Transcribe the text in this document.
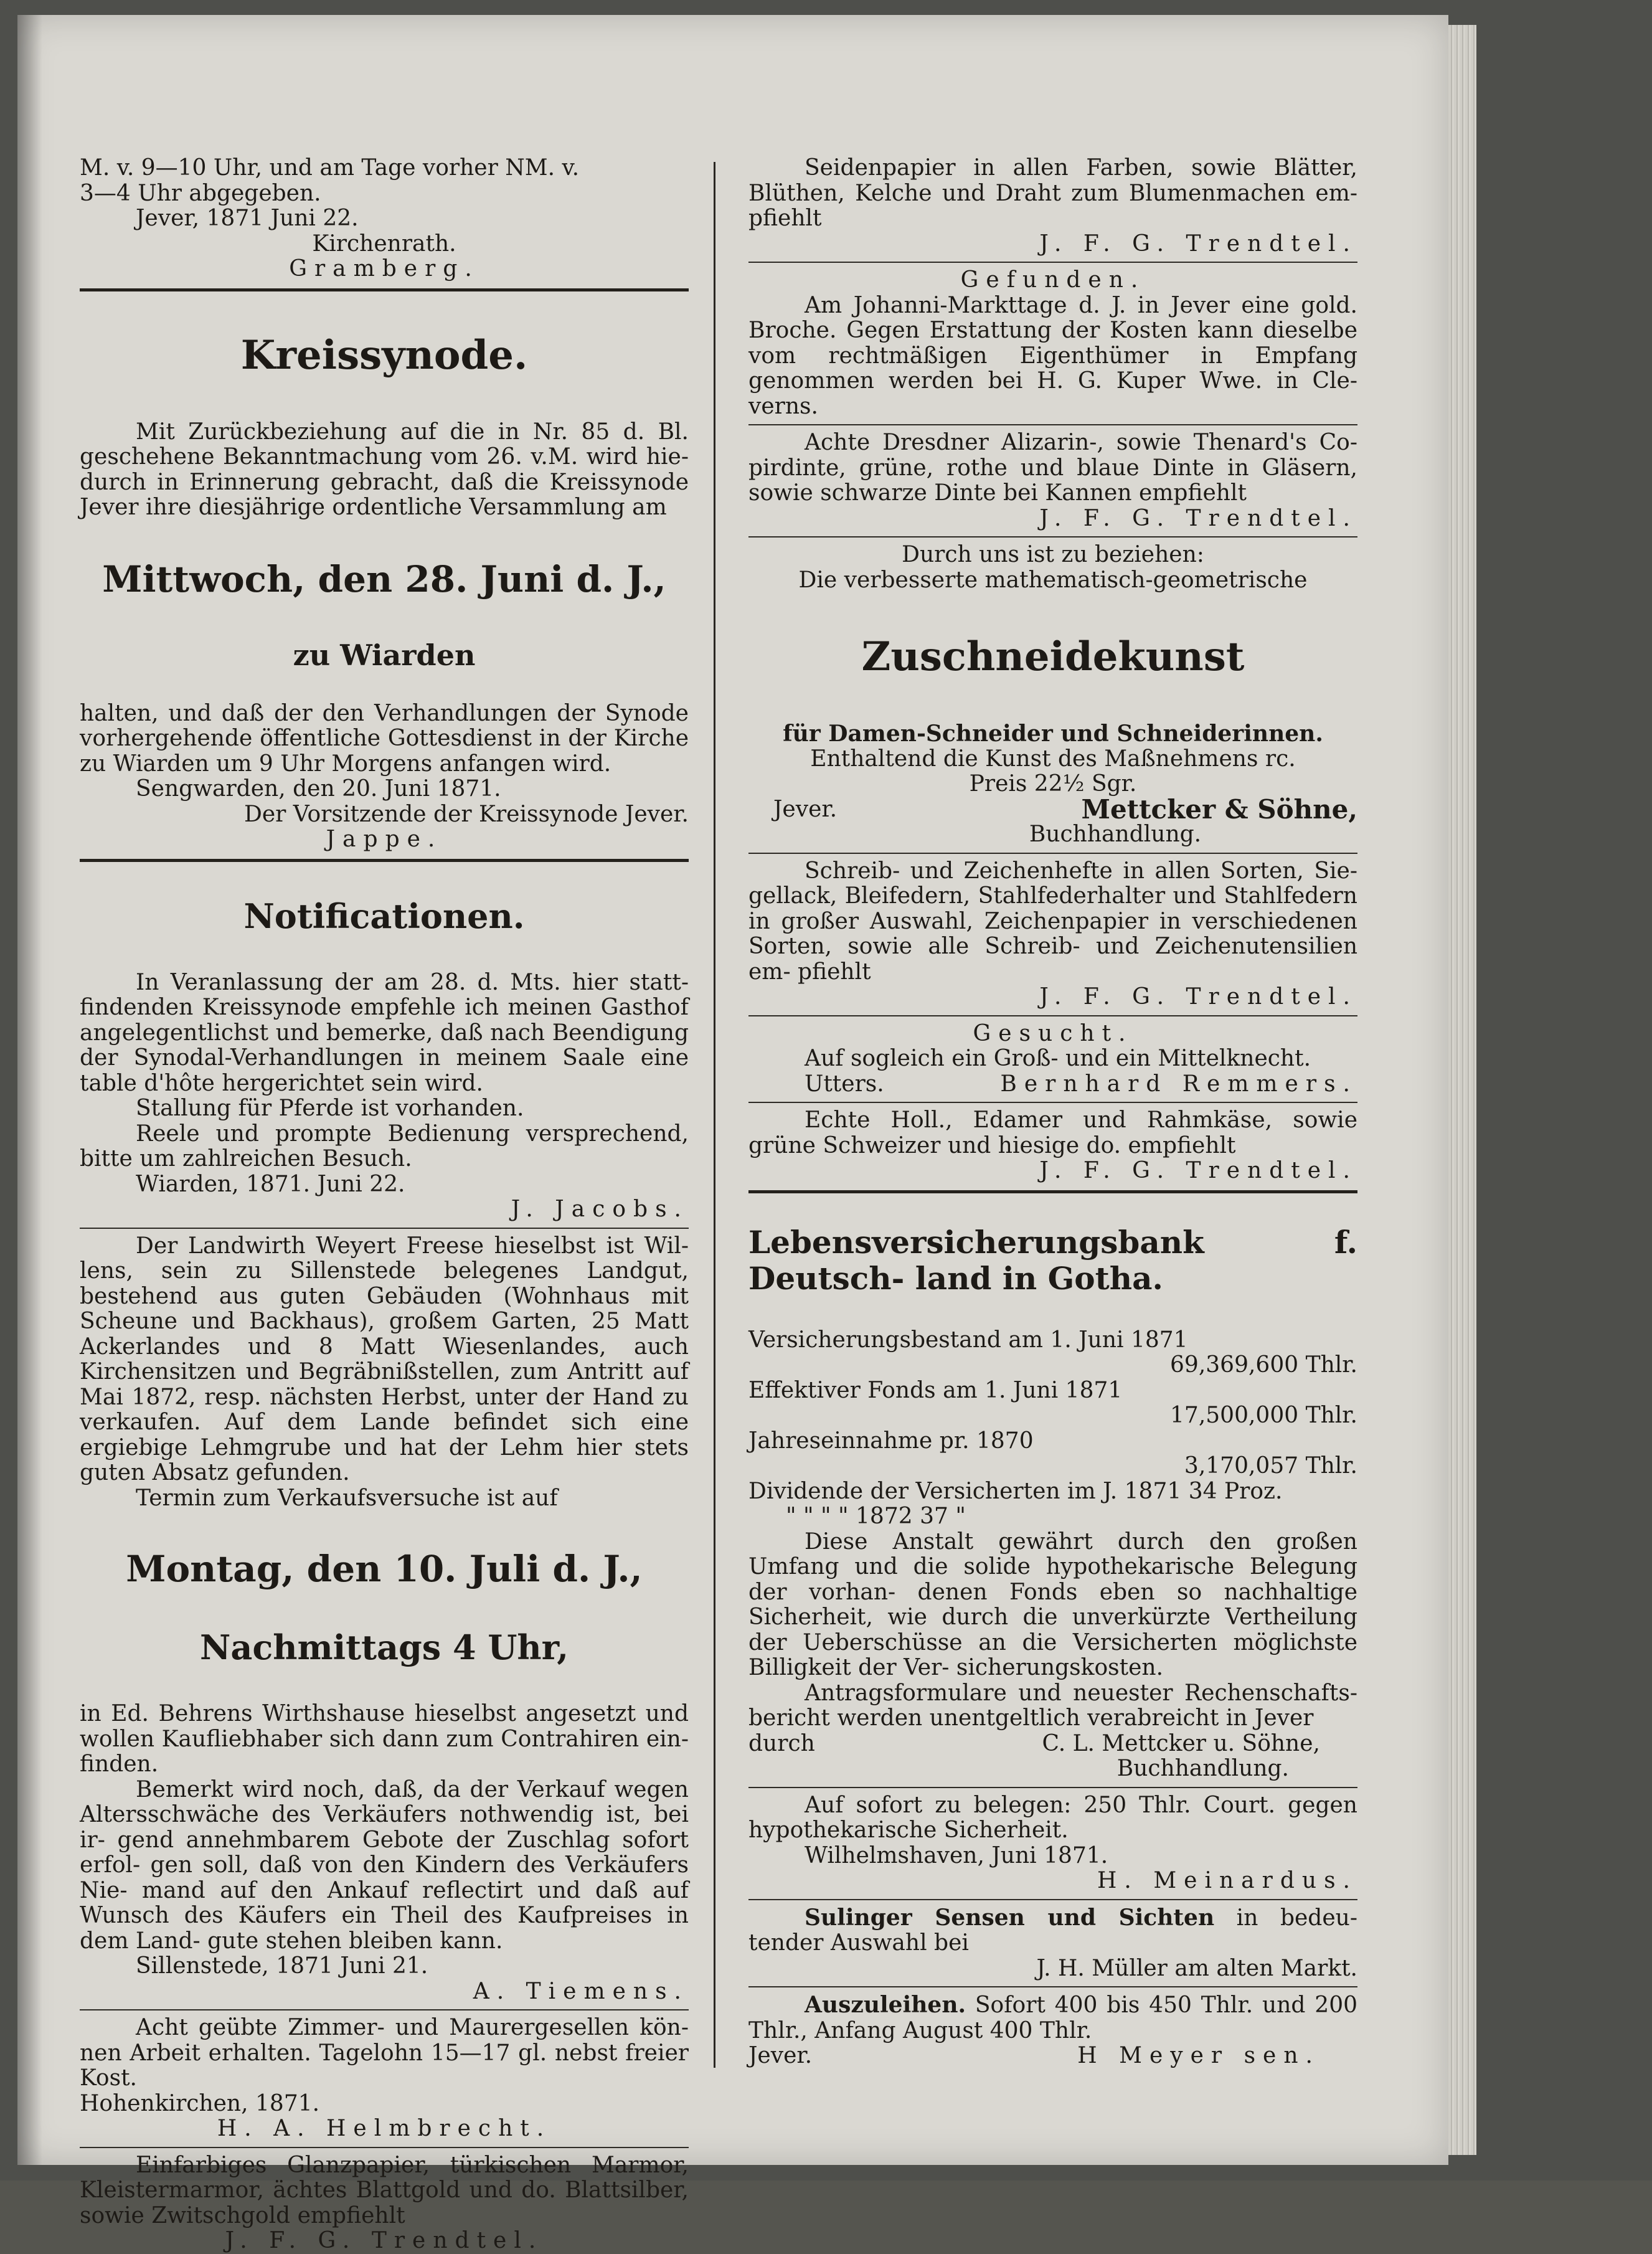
M. v. 9—10 Uhr, und am Tage vorher NM. v.

3—4 Uhr abgegeben.

Jever, 1871 Juni 22.

Kirchenrath.

Gramberg.

Kreissynode.

Mit Zurückbeziehung auf die in Nr. 85 d. Bl. geschehene Bekanntmachung vom 26. v.M. wird hie- durch in Erinnerung gebracht, daß die Kreissynode Jever ihre diesjährige ordentliche Versammlung am

Mittwoch, den 28. Juni d. J.,

zu Wiarden

halten, und daß der den Verhandlungen der Synode vorhergehende öffentliche Gottesdienst in der Kirche zu Wiarden um 9 Uhr Morgens anfangen wird.

Sengwarden, den 20. Juni 1871.

Der Vorsitzende der Kreissynode Jever.

Jappe.

Notificationen.

In Veranlassung der am 28. d. Mts. hier statt- findenden Kreissynode empfehle ich meinen Gasthof angelegentlichst und bemerke, daß nach Beendigung der Synodal-Verhandlungen in meinem Saale eine table d'hôte hergerichtet sein wird.

Stallung für Pferde ist vorhanden.

Reele und prompte Bedienung versprechend, bitte um zahlreichen Besuch.

Wiarden, 1871. Juni 22.

J. Jacobs.

Der Landwirth Weyert Freese hieselbst ist Wil- lens, sein zu Sillenstede belegenes Landgut, bestehend aus guten Gebäuden (Wohnhaus mit Scheune und Backhaus), großem Garten, 25 Matt Ackerlandes und 8 Matt Wiesenlandes, auch Kirchensitzen und Begräbnißstellen, zum Antritt auf Mai 1872, resp. nächsten Herbst, unter der Hand zu verkaufen. Auf dem Lande befindet sich eine ergiebige Lehmgrube und hat der Lehm hier stets guten Absatz gefunden.

Termin zum Verkaufsversuche ist auf

Montag, den 10. Juli d. J.,

Nachmittags 4 Uhr,

in Ed. Behrens Wirthshause hieselbst angesetzt und wollen Kaufliebhaber sich dann zum Contrahiren ein- finden.

Bemerkt wird noch, daß, da der Verkauf wegen Altersschwäche des Verkäufers nothwendig ist, bei ir- gend annehmbarem Gebote der Zuschlag sofort erfol- gen soll, daß von den Kindern des Verkäufers Nie- mand auf den Ankauf reflectirt und daß auf Wunsch des Käufers ein Theil des Kaufpreises in dem Land- gute stehen bleiben kann.

Sillenstede, 1871 Juni 21.

A. Tiemens.

Acht geübte Zimmer- und Maurergesellen kön- nen Arbeit erhalten. Tagelohn 15—17 gl. nebst freier Kost.

Hohenkirchen, 1871.

H. A. Helmbrecht.

Einfarbiges Glanzpapier, türkischen Marmor, Kleistermarmor, ächtes Blattgold und do. Blattsilber, sowie Zwitschgold empfiehlt

J. F. G. Trendtel.

Seidenpapier in allen Farben, sowie Blätter, Blüthen, Kelche und Draht zum Blumenmachen em- pfiehlt

J. F. G. Trendtel.

Gefunden.

Am Johanni-Markttage d. J. in Jever eine gold. Broche. Gegen Erstattung der Kosten kann dieselbe vom rechtmäßigen Eigenthümer in Empfang genommen werden bei H. G. Kuper Wwe. in Cle- verns.

Achte Dresdner Alizarin-, sowie Thenard's Co- pirdinte, grüne, rothe und blaue Dinte in Gläsern, sowie schwarze Dinte bei Kannen empfiehlt

J. F. G. Trendtel.

Durch uns ist zu beziehen:

Die verbesserte mathematisch-geometrische

Zuschneidekunst

für Damen-Schneider und Schneiderinnen.

Enthaltend die Kunst des Maßnehmens rc.

Preis 22½ Sgr.

Jever.	Mettcker & Söhne,

Buchhandlung.

Schreib- und Zeichenhefte in allen Sorten, Sie- gellack, Bleifedern, Stahlfederhalter und Stahlfedern in großer Auswahl, Zeichenpapier in verschiedenen Sorten, sowie alle Schreib- und Zeichenutensilien em- pfiehlt

J. F. G. Trendtel.

Gesucht.

Auf sogleich ein Groß- und ein Mittelknecht.

Utters.	Bernhard Remmers.

Echte Holl., Edamer und Rahmkäse, sowie grüne Schweizer und hiesige do. empfiehlt

J. F. G. Trendtel.

Lebensversicherungsbank f. Deutsch- land in Gotha.

Versicherungsbestand am 1. Juni 1871

69,369,600 Thlr.

Effektiver Fonds am 1. Juni 1871

17,500,000 Thlr.

Jahreseinnahme pr. 1870

3,170,057 Thlr.

Dividende der Versicherten im J. 1871 34 Proz.

" " " " 1872 37 "

Diese Anstalt gewährt durch den großen Umfang und die solide hypothekarische Belegung der vorhan- denen Fonds eben so nachhaltige Sicherheit, wie durch die unverkürzte Vertheilung der Ueberschüsse an die Versicherten möglichste Billigkeit der Ver- sicherungskosten.

Antragsformulare und neuester Rechenschafts- bericht werden unentgeltlich verabreicht in Jever

durch	C. L. Mettcker u. Söhne,

Buchhandlung.

Auf sofort zu belegen: 250 Thlr. Court. gegen hypothekarische Sicherheit.

Wilhelmshaven, Juni 1871.

H. Meinardus.

Sulinger Sensen und Sichten in bedeu- tender Auswahl bei

J. H. Müller am alten Markt.

Auszuleihen. Sofort 400 bis 450 Thlr. und 200 Thlr., Anfang August 400 Thlr.

Jever.	H Meyer sen.
